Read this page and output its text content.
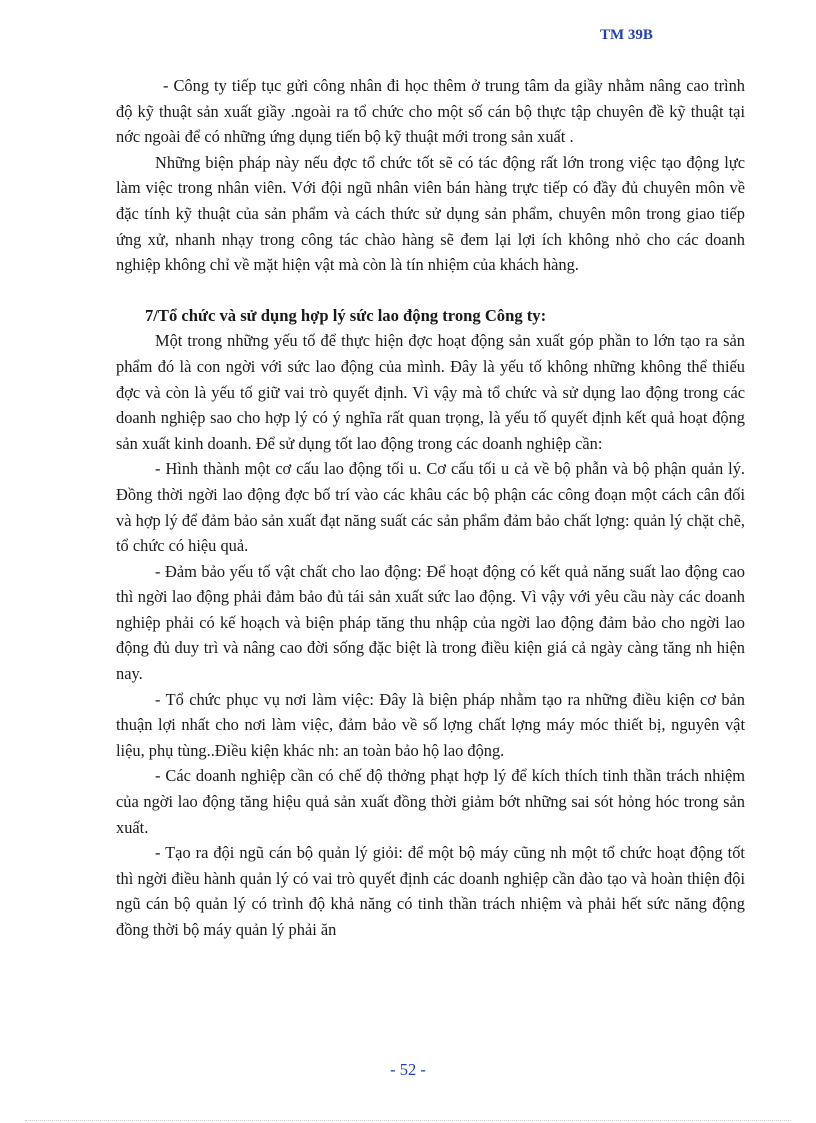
TM 39B

- Công ty tiếp tục gửi công nhân đi học thêm ở trung tâm da giầy nhằm nâng cao trình độ kỹ thuật sản xuất giầy .ngoài ra tổ chức cho một số cán bộ thực tập chuyên đề kỹ thuật tại nớc ngoài để có những ứng dụng tiến bộ kỹ thuật mới trong sản xuất .

Những biện pháp này nếu đợc tổ chức tốt sẽ có tác động rất lớn trong việc tạo động lực làm việc trong nhân viên. Với đội ngũ nhân viên bán hàng trực tiếp có đầy đủ chuyên môn về đặc tính kỹ thuật của sản phẩm và cách thức sử dụng sản phẩm, chuyên môn trong giao tiếp ứng xử, nhanh nhạy trong công tác chào hàng sẽ đem lại lợi ích không nhỏ cho các doanh nghiệp không chỉ về mặt hiện vật mà còn là tín nhiệm của khách hàng.

7/Tổ chức và sử dụng hợp lý sức lao động trong Công ty:

Một trong những yếu tố để thực hiện đợc hoạt động sản xuất góp phần to lớn tạo ra sản phẩm đó là con ngời với sức lao động của mình. Đây là yếu tố không những không thể thiếu đợc và còn là yếu tố giữ vai trò quyết định. Vì vậy mà tổ chức và sử dụng lao động trong các doanh nghiệp sao cho hợp lý có ý nghĩa rất quan trọng, là yếu tố quyết định kết quả hoạt động sản xuất kinh doanh. Để sử dụng tốt lao động trong các doanh nghiệp cần:

- Hình thành một cơ cấu lao động tối u. Cơ cấu tối u cả về bộ phẫn và bộ phận quản lý. Đồng thời ngời lao động đợc bố trí vào các khâu các bộ phận các công đoạn một cách cân đối và hợp lý để đảm bảo sản xuất đạt năng suất các sản phẩm đảm bảo chất lợng: quản lý chặt chẽ, tổ chức có hiệu quả.

- Đảm bảo yếu tố vật chất cho lao động: Để hoạt động có kết quả năng suất lao động cao thì ngời lao động phải đảm bảo đủ tái sản xuất sức lao động. Vì vậy với yêu cầu này các doanh nghiệp phải có kế hoạch và biện pháp tăng thu nhập của ngời lao động đảm bảo cho ngời lao động đủ duy trì và nâng cao đời sống đặc biệt là trong điều kiện giá cả ngày càng tăng nh hiện nay.

- Tổ chức phục vụ nơi làm việc: Đây là biện pháp nhằm tạo ra những điều kiện cơ bản thuận lợi nhất cho nơi làm việc, đảm bảo về số lợng chất lợng máy móc thiết bị, nguyên vật liệu, phụ tùng..Điều kiện khác nh: an toàn bảo hộ lao động.

- Các doanh nghiệp cần có chế độ thởng phạt hợp lý để kích thích tinh thần trách nhiệm của ngời lao động tăng hiệu quả sản xuất đồng thời giảm bớt những sai sót hỏng hóc trong sản xuất.

- Tạo ra đội ngũ cán bộ quản lý giỏi: để một bộ máy cũng nh một tổ chức hoạt động tốt thì ngời điều hành quản lý có vai trò quyết định các doanh nghiệp cần đào tạo và hoàn thiện đội ngũ cán bộ quản lý có trình độ khả năng có tinh thần trách nhiệm và phải hết sức năng động đồng thời bộ máy quản lý phải ăn

- 52 -
